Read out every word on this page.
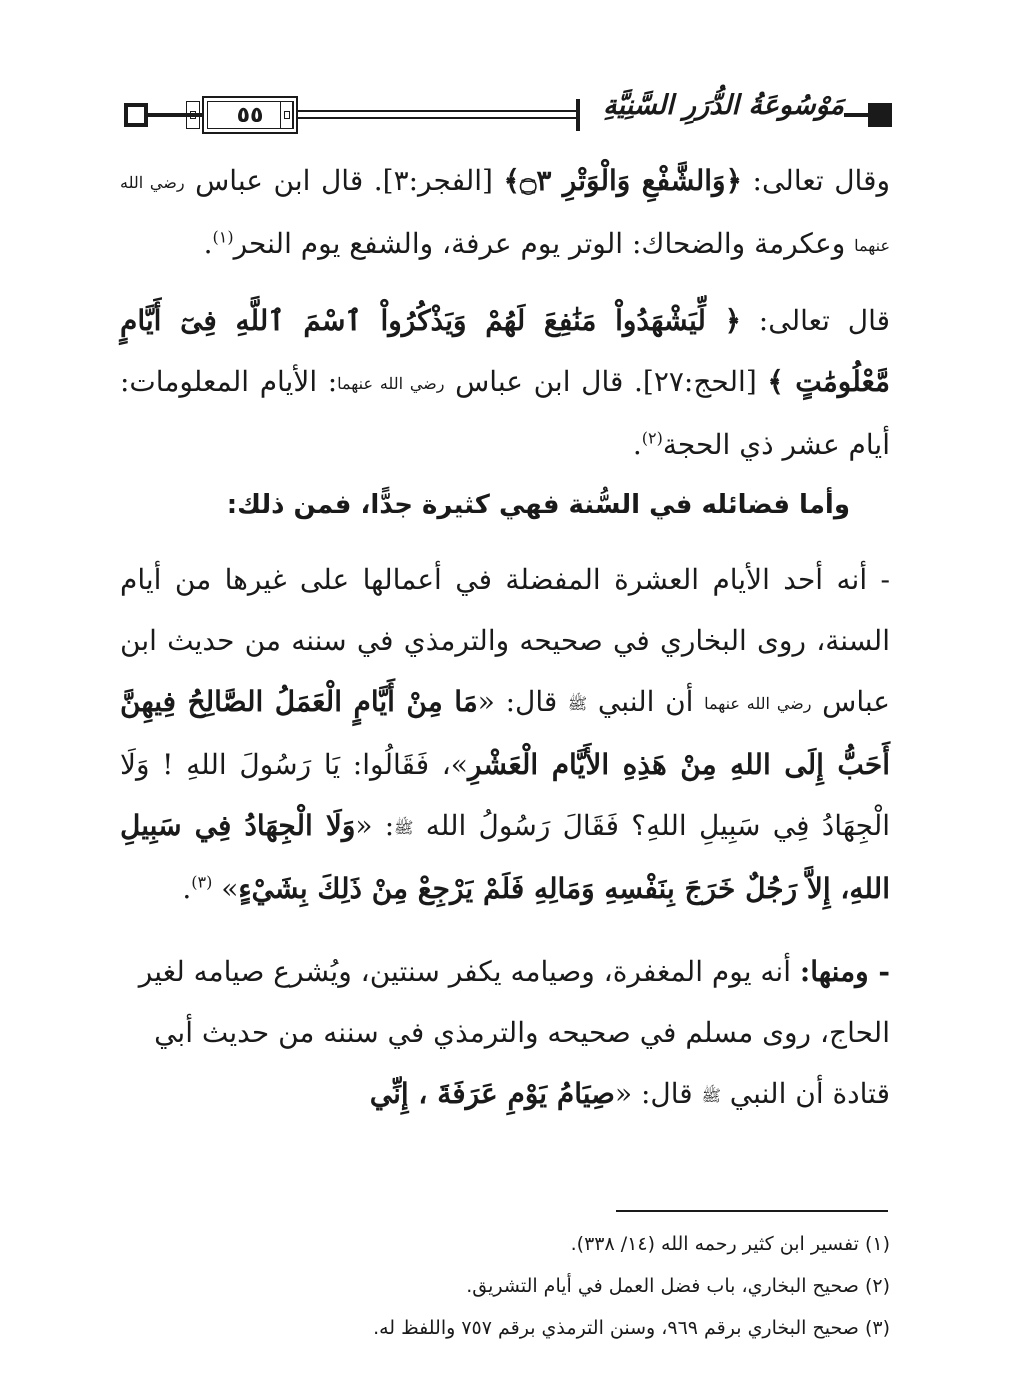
٥٥	مَوْسُوعَةُ الدُّرَرِ السَّنِيَّةِ

وقال تعالى: ﴿وَالشَّفْعِ وَالْوَتْرِ ۝٣﴾ [الفجر:٣]. قال ابن عباس رضي الله عنهما وعكرمة والضحاك: الوتر يوم عرفة، والشفع يوم النحر$^{(١)}$.

قال تعالى: ﴿ لِّيَشْهَدُواْ مَنَٰفِعَ لَهُمْ وَيَذْكُرُواْ ٱسْمَ ٱللَّهِ فِىٓ أَيَّامٍ مَّعْلُومَٰتٍ ﴾ [الحج:٢٧]. قال ابن عباس رضي الله عنهما: الأيام المعلومات: أيام عشر ذي الحجة$^{(٢)}$.

وأما فضائله في السُّنة فهي كثيرة جدًّا، فمن ذلك:

- أنه أحد الأيام العشرة المفضلة في أعمالها على غيرها من أيام السنة، روى البخاري في صحيحه والترمذي في سننه من حديث ابن عباس رضي الله عنهما أن النبي ﷺ قال: «مَا مِنْ أَيَّامٍ الْعَمَلُ الصَّالِحُ فِيهِنَّ أَحَبُّ إِلَى اللهِ مِنْ هَذِهِ الأَيَّام الْعَشْرِ»، فَقَالُوا: يَا رَسُولَ اللهِ ! وَلَا الْجِهَادُ فِي سَبِيلِ اللهِ؟ فَقَالَ رَسُولُ الله ﷺ: «وَلَا الْجِهَادُ فِي سَبِيلِ اللهِ، إِلاَّ رَجُلٌ خَرَجَ بِنَفْسِهِ وَمَالِهِ فَلَمْ يَرْجِعْ مِنْ ذَلِكَ بِشَيْءٍ» $^{(٣)}$.

- ومنها: أنه يوم المغفرة، وصيامه يكفر سنتين، ويُشرع صيامه لغير الحاج، روى مسلم في صحيحه والترمذي في سننه من حديث أبي قتادة أن النبي ﷺ قال: «صِيَامُ يَوْمِ عَرَفَةَ ، إِنِّي

(١) تفسير ابن كثير رحمه الله (١٤/ ٣٣٨).
(٢) صحيح البخاري، باب فضل العمل في أيام التشريق.
(٣) صحيح البخاري برقم ٩٦٩، وسنن الترمذي برقم ٧٥٧ واللفظ له.
